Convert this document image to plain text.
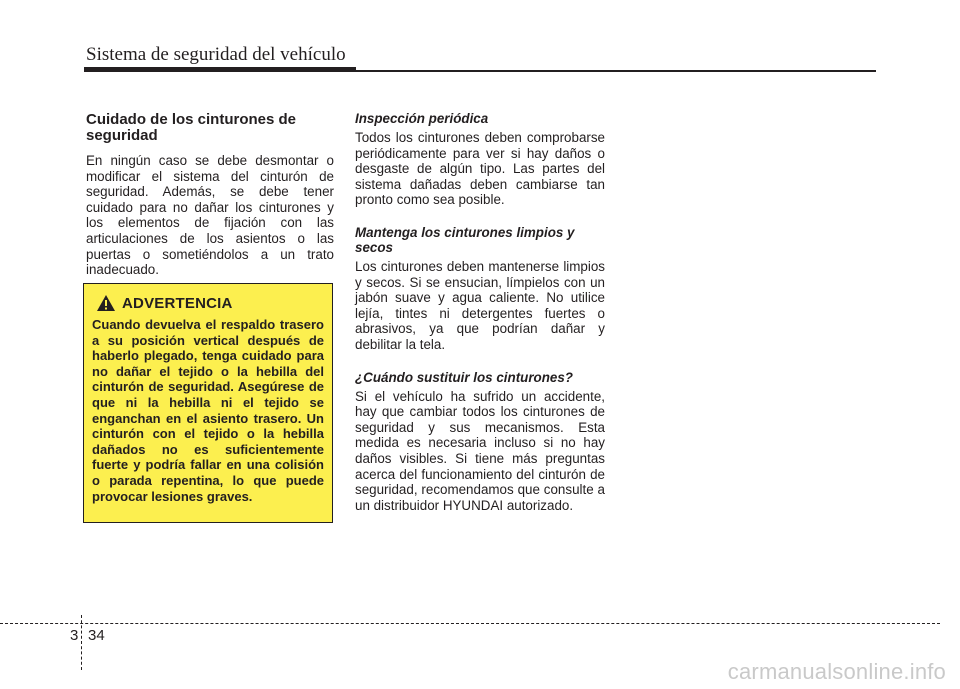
Sistema de seguridad del vehículo
Cuidado de los cinturones de seguridad

En ningún caso se debe desmontar o modificar el sistema del cinturón de seguridad. Además, se debe tener cuidado para no dañar los cinturones y los elementos de fijación con las articulaciones de los asientos o las puertas o sometiéndolos a un trato inadecuado.

ADVERTENCIA
Cuando devuelva el respaldo trasero a su posición vertical después de haberlo plegado, tenga cuidado para no dañar el tejido o la hebilla del cinturón de seguridad. Asegúrese de que ni la hebilla ni el tejido se enganchan en el asiento trasero. Un cinturón con el tejido o la hebilla dañados no es suficientemente fuerte y podría fallar en una colisión o parada repentina, lo que puede provocar lesiones graves.
Inspección periódica

Todos los cinturones deben comprobarse periódicamente para ver si hay daños o desgaste de algún tipo. Las partes del sistema dañadas deben cambiarse tan pronto como sea posible.

Mantenga los cinturones limpios y secos

Los cinturones deben mantenerse limpios y secos. Si se ensucian, límpielos con un jabón suave y agua caliente. No utilice lejía, tintes ni detergentes fuertes o abrasivos, ya que podrían dañar y debilitar la tela.

¿Cuándo sustituir los cinturones?

Si el vehículo ha sufrido un accidente, hay que cambiar todos los cinturones de seguridad y sus mecanismos. Esta medida es necesaria incluso si no hay daños visibles. Si tiene más preguntas acerca del funcionamiento del cinturón de seguridad, recomendamos que consulte a un distribuidor HYUNDAI autorizado.

3 34
carmanualsonline.info
